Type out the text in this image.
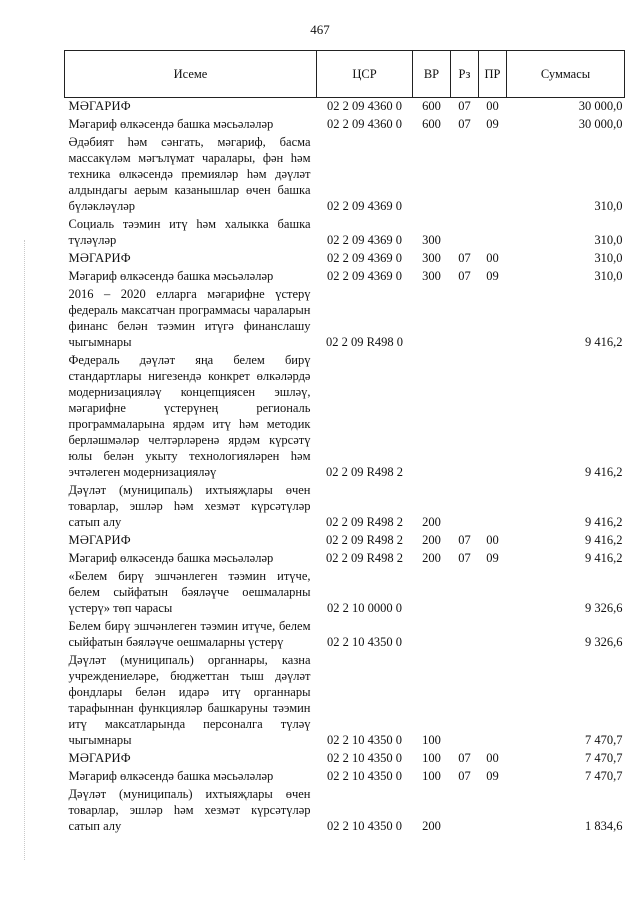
467
Исеме	ЦСР	ВР	Рз	ПР	Суммасы
МӘГАРИФ	02 2 09 4360 0	600	07	00	30 000,0
Мәгариф өлкәсендә башка мәсьәләләр	02 2 09 4360 0	600	07	09	30 000,0
Әдәбият һәм сәнгать, мәгариф, басма массакүләм мәгълүмат чаралары, фән һәм техника өлкәсендә премияләр һәм дәүләт алдындагы аерым казанышлар өчен башка бүләкләүләр	02 2 09 4369 0				310,0
Социаль тәэмин итү һәм халыкка башка түләүләр	02 2 09 4369 0	300			310,0
МӘГАРИФ	02 2 09 4369 0	300	07	00	310,0
Мәгариф өлкәсендә башка мәсьәләләр	02 2 09 4369 0	300	07	09	310,0
2016 – 2020 елларга мәгарифне үстерү федераль максатчан программасы чараларын финанс белән тәэмин итүгә финанслашу чыгымнары	02 2 09 R498 0				9 416,2
Федераль дәүләт яңа белем бирү стандартлары нигезендә конкрет өлкәләрдә модернизацияләү концепциясен эшләү, мәгарифне үстерүнең региональ программаларына ярдәм итү һәм методик берләшмәләр челтәрләренә ярдәм күрсәтү юлы белән укыту технологияләрен һәм эчтәлеген модернизацияләү	02 2 09 R498 2				9 416,2
Дәүләт (муниципаль) ихтыяҗлары өчен товарлар, эшләр һәм хезмәт күрсәтүләр сатып алу	02 2 09 R498 2	200			9 416,2
МӘГАРИФ	02 2 09 R498 2	200	07	00	9 416,2
Мәгариф өлкәсендә башка мәсьәләләр	02 2 09 R498 2	200	07	09	9 416,2
«Белем бирү эшчәнлеген тәэмин итүче, белем сыйфатын бәяләүче оешмаларны үстерү» төп чарасы	02 2 10 0000 0				9 326,6
Белем бирү эшчәнлеген тәэмин итүче, белем сыйфатын бәяләүче оешмаларны үстерү	02 2 10 4350 0				9 326,6
Дәүләт (муниципаль) органнары, казна учреждениеләре, бюджеттан тыш дәүләт фондлары белән идарә итү органнары тарафыннан функцияләр башкаруны тәэмин итү максатларында персоналга түләү чыгымнары	02 2 10 4350 0	100			7 470,7
МӘГАРИФ	02 2 10 4350 0	100	07	00	7 470,7
Мәгариф өлкәсендә башка мәсьәләләр	02 2 10 4350 0	100	07	09	7 470,7
Дәүләт (муниципаль) ихтыяҗлары өчен товарлар, эшләр һәм хезмәт күрсәтүләр сатып алу	02 2 10 4350 0	200			1 834,6
